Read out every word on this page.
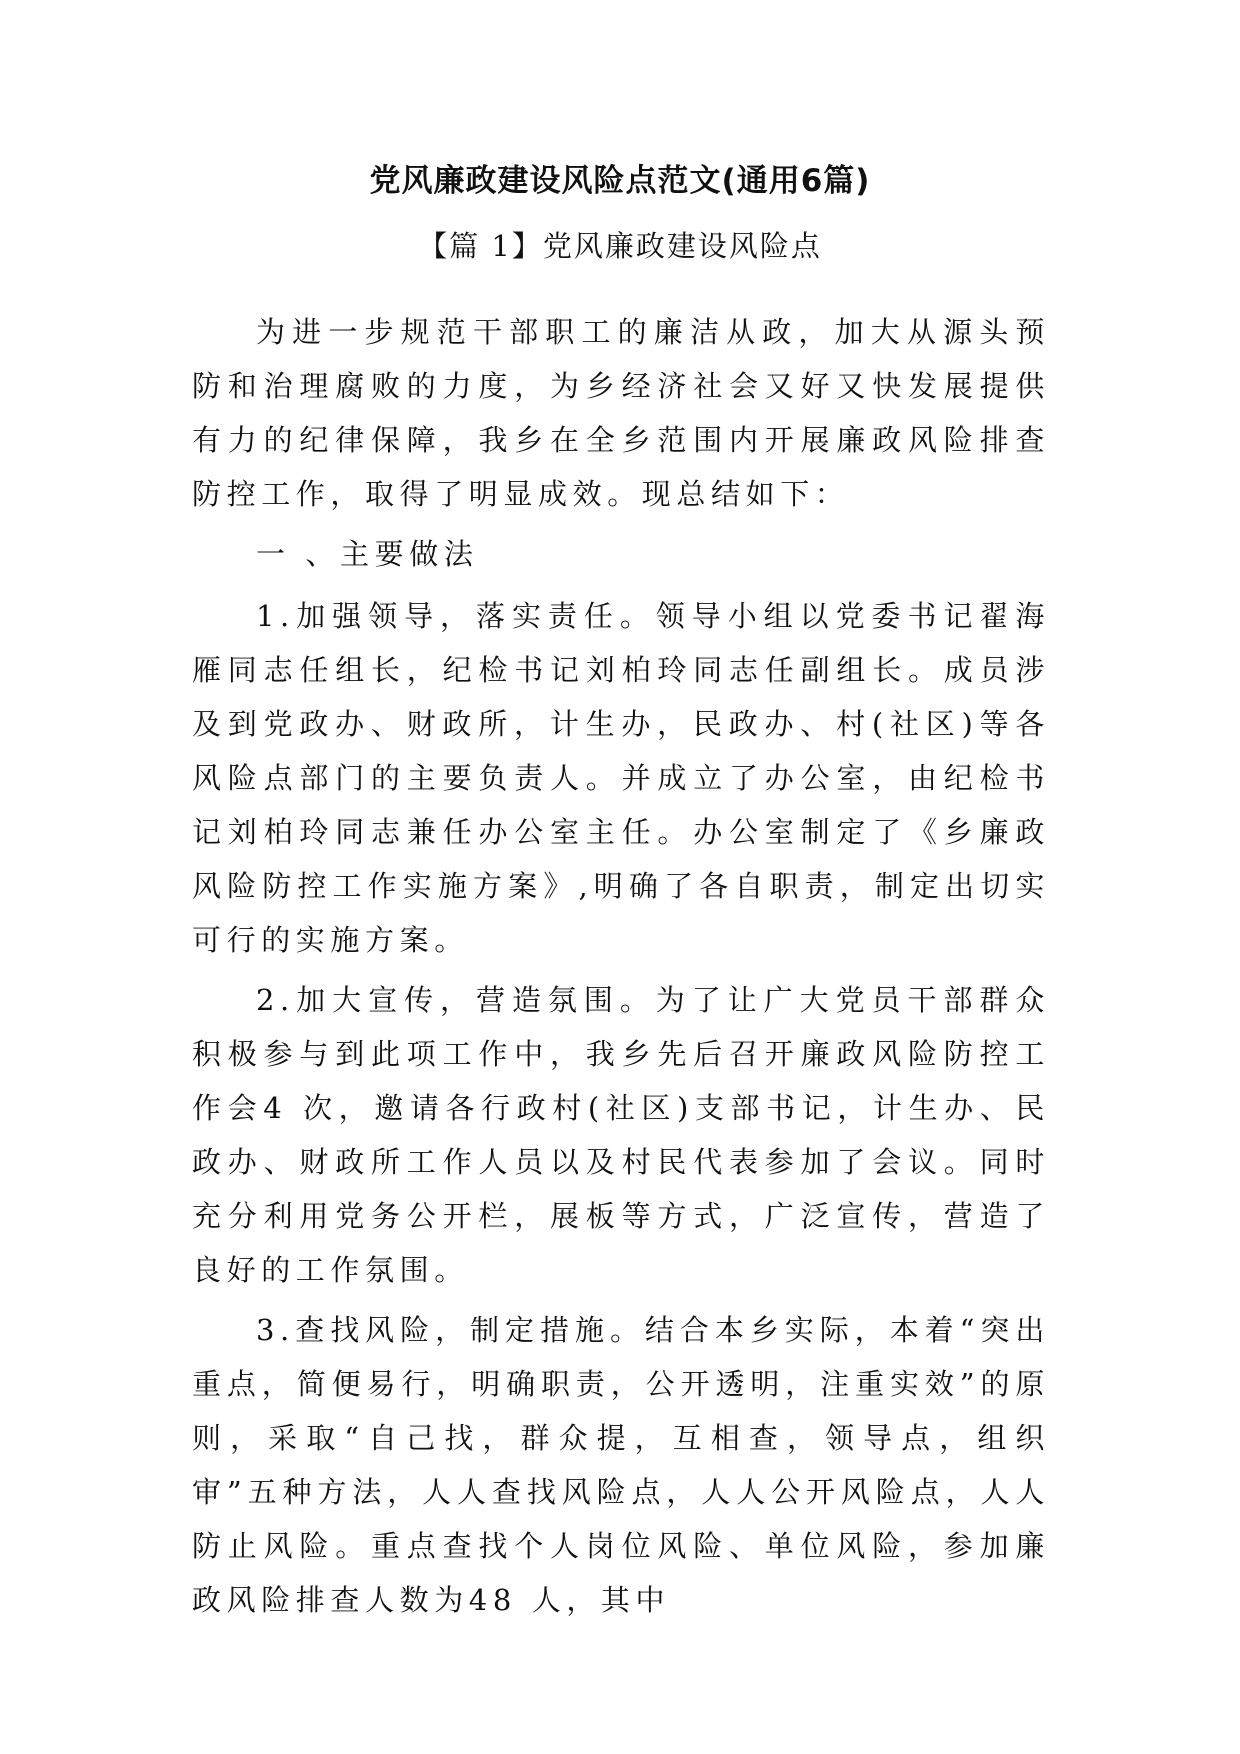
党风廉政建设风险点范文(通用6篇)
【篇 1】党风廉政建设风险点

为进一步规范干部职工的廉洁从政，加大从源头预防和治理腐败的力度，为乡经济社会又好又快发展提供有力的纪律保障，我乡在全乡范围内开展廉政风险排查防控工作，取得了明显成效。现总结如下：

一 、主要做法

1.加强领导，落实责任。领导小组以党委书记翟海雁同志任组长，纪检书记刘柏玲同志任副组长。成员涉及到党政办、财政所，计生办，民政办、村(社区)等各风险点部门的主要负责人。并成立了办公室，由纪检书记刘柏玲同志兼任办公室主任。办公室制定了《乡廉政风险防控工作实施方案》,明确了各自职责，制定出切实可行的实施方案。

2.加大宣传，营造氛围。为了让广大党员干部群众积极参与到此项工作中，我乡先后召开廉政风险防控工作会4 次，邀请各行政村(社区)支部书记，计生办、民政办、财政所工作人员以及村民代表参加了会议。同时充分利用党务公开栏，展板等方式，广泛宣传，营造了良好的工作氛围。

3.查找风险，制定措施。结合本乡实际，本着“突出重点，简便易行，明确职责，公开透明，注重实效”的原则，采取“自己找，群众提，互相查，领导点，组织审”五种方法，人人查找风险点，人人公开风险点，人人防止风险。重点查找个人岗位风险、单位风险，参加廉政风险排查人数为48 人，其中
